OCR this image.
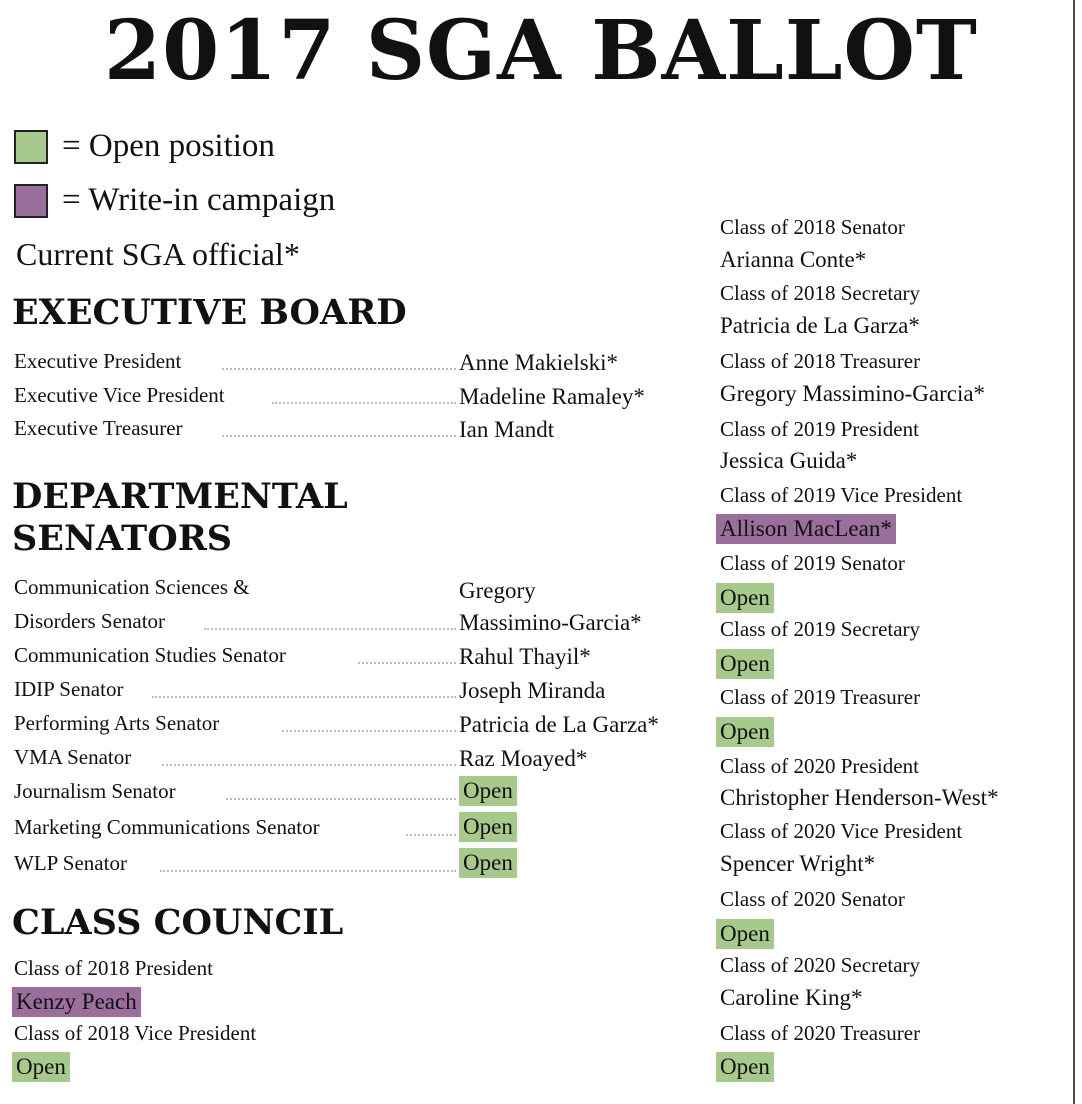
2017 SGA BALLOT
= Open position
= Write-in campaign
Current SGA official*
EXECUTIVE BOARD
Executive President	Anne Makielski*
Executive Vice President	Madeline Ramaley*
Executive Treasurer	Ian Mandt
DEPARTMENTAL
SENATORS
Communication Sciences &	Gregory
Disorders Senator	Massimino-Garcia*
Communication Studies Senator	Rahul Thayil*
IDIP Senator	Joseph Miranda
Performing Arts Senator	Patricia de La Garza*
VMA Senator	Raz Moayed*
Journalism Senator	Open
Marketing Communications Senator	Open
WLP Senator	Open
CLASS COUNCIL
Class of 2018 President
Kenzy Peach
Class of 2018 Vice President
Open
Class of 2018 Senator
Arianna Conte*
Class of 2018 Secretary
Patricia de La Garza*
Class of 2018 Treasurer
Gregory Massimino-Garcia*
Class of 2019 President
Jessica Guida*
Class of 2019 Vice President
Allison MacLean*
Class of 2019 Senator
Open
Class of 2019 Secretary
Open
Class of 2019 Treasurer
Open
Class of 2020 President
Christopher Henderson-West*
Class of 2020 Vice President
Spencer Wright*
Class of 2020 Senator
Open
Class of 2020 Secretary
Caroline King*
Class of 2020 Treasurer
Open
